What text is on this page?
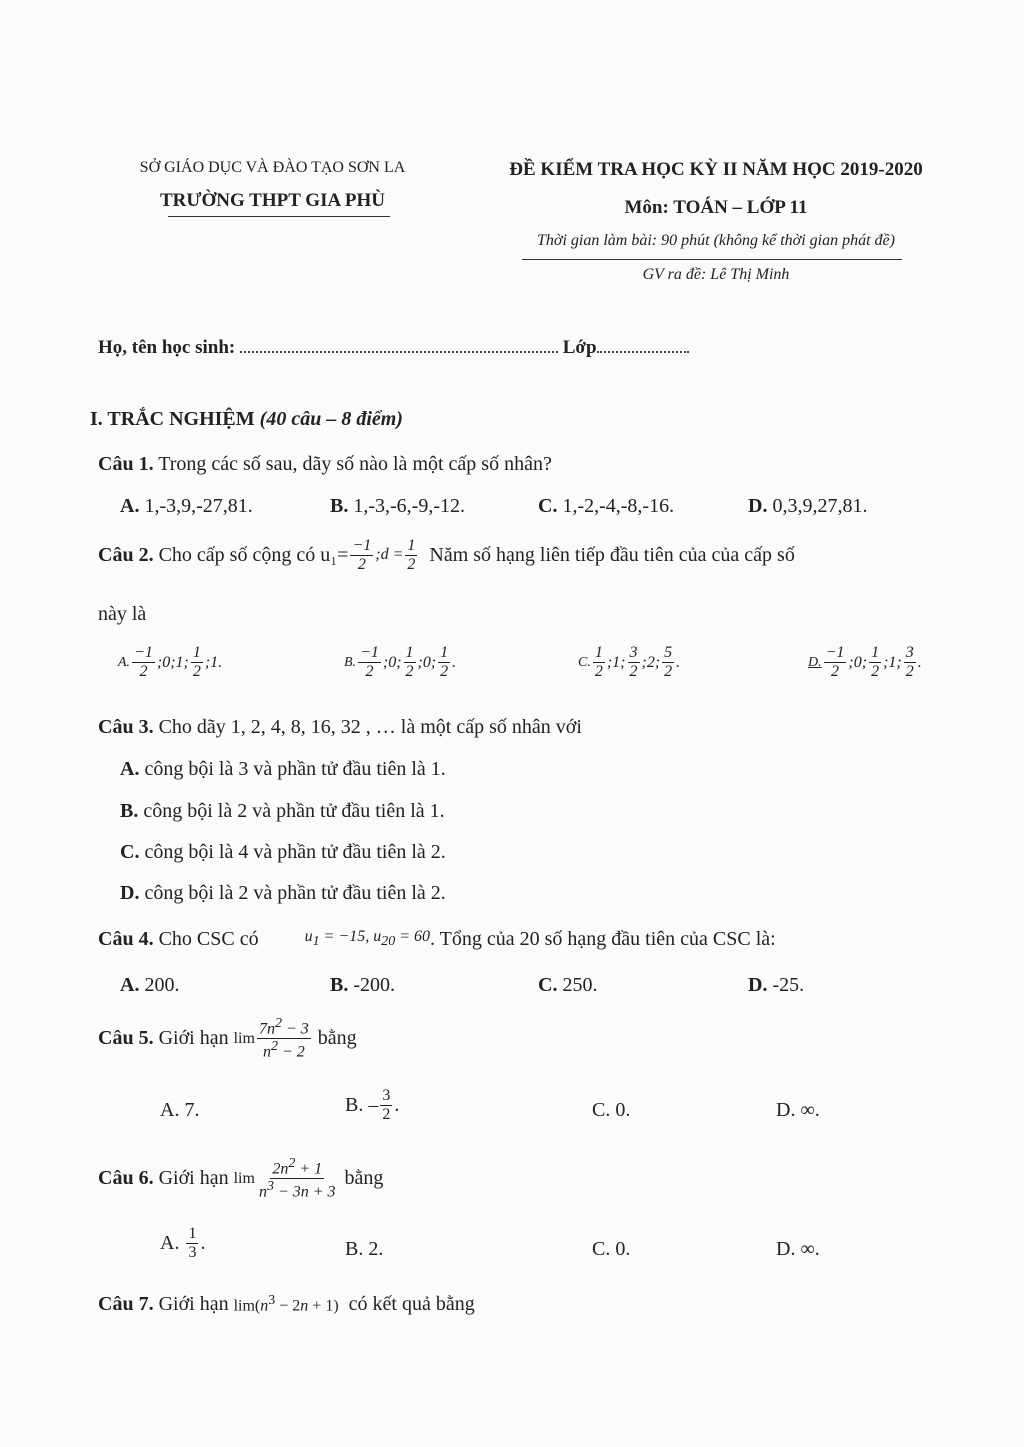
SỞ GIÁO DỤC VÀ ĐÀO TẠO SƠN LA
TRƯỜNG THPT GIA PHÙ
ĐỀ KIỂM TRA HỌC KỲ II NĂM HỌC 2019-2020
Môn: TOÁN – LỚP 11
Thời gian làm bài: 90 phút (không kể thời gian phát đề)
GV ra đề: Lê Thị Minh
Họ, tên học sinh:	Lớp
I. TRẮC NGHIỆM (40 câu – 8 điểm)
Câu 1. Trong các số sau, dãy số nào là một cấp số nhân?
A. 1,-3,9,-27,81.	B. 1,-3,-6,-9,-12.	C. 1,-2,-4,-8,-16.	D. 0,3,9,27,81.
Câu 2.
Cho cấp số cộng có $u_1= \frac{-1}{2}$ ;d = $\frac{1}{2}$
Năm số hạng liên tiếp đầu tiên của của cấp số
này là
A. $\frac{-1}{2}$ ;0;1; $\frac{1}{2}$ ;1.	B. $\frac{-1}{2}$ ;0; $\frac{1}{2}$ ;0; $\frac{1}{2}$ .	C. $\frac{1}{2}$ ;1; $\frac{3}{2}$ ;2; $\frac{5}{2}$ .	D. $\frac{-1}{2}$ ;0; $\frac{1}{2}$ ;1; $\frac{3}{2}$ .
Câu 3. Cho dãy 1, 2, 4, 8, 16, 32 , … là một cấp số nhân với
A. công bội là 3 và phần tử đầu tiên là 1.
B. công bội là 2 và phần tử đầu tiên là 1.
C. công bội là 4 và phần tử đầu tiên là 2.
D. công bội là 2 và phần tử đầu tiên là 2.
Câu 4.
Cho CSC có	$u_1 = -15$, $u_{20} = 60$ . Tổng của 20 số hạng đầu tiên của CSC là:
A. 200.	B. -200.	C. 250.	D. -25.
Câu 5.
Giới hạn
$\lim \frac{7n^2 - 3}{n^2 - 2}$
bằng
A. 7.	B. – $\frac{3}{2}$ .	C. 0.	D. ∞.
Câu 6.
Giới hạn
$\lim \frac{2n^2 + 1}{n^3 - 3n + 3}$
bằng
A.
$\frac{1}{3}$ .	B. 2.	C. 0.	D. ∞.
Câu 7.
Giới hạn
$\lim(n^3 - 2n + 1)$
có kết quả bằng
